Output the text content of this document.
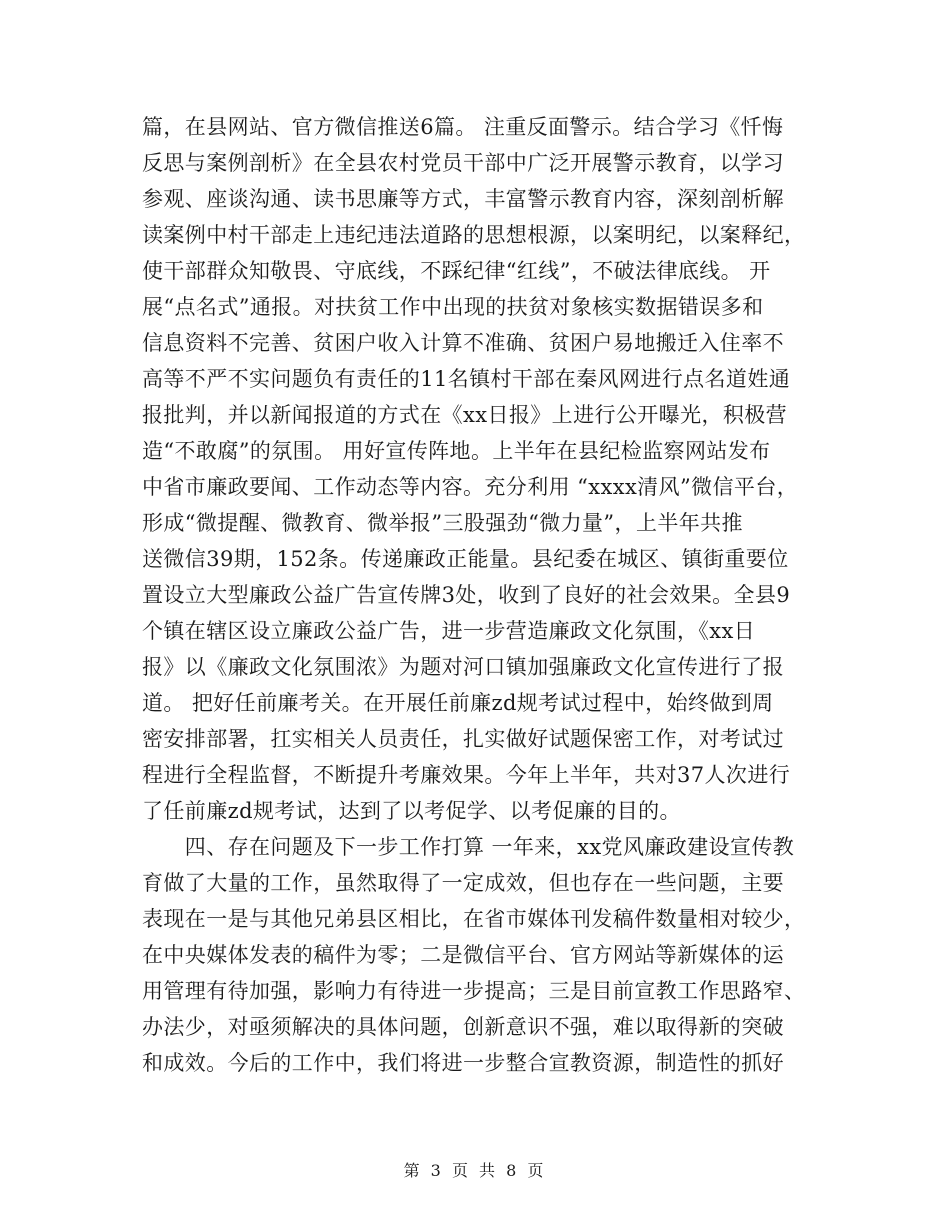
篇，在县网站、官方微信推送6篇。 注重反面警示。结合学习《忏悔
反思与案例剖析》在全县农村党员干部中广泛开展警示教育，以学习
参观、座谈沟通、读书思廉等方式，丰富警示教育内容，深刻剖析解
读案例中村干部走上违纪违法道路的思想根源，以案明纪，以案释纪，
使干部群众知敬畏、守底线，不踩纪律“红线”，不破法律底线。 开
展“点名式”通报。对扶贫工作中出现的扶贫对象核实数据错误多和
信息资料不完善、贫困户收入计算不准确、贫困户易地搬迁入住率不
高等不严不实问题负有责任的11名镇村干部在秦风网进行点名道姓通
报批判，并以新闻报道的方式在《xx日报》上进行公开曝光，积极营
造“不敢腐”的氛围。 用好宣传阵地。上半年在县纪检监察网站发布
中省市廉政要闻、工作动态等内容。充分利用 “xxxx清风”微信平台，
形成“微提醒、微教育、微举报”三股强劲“微力量”，上半年共推
送微信39期，152条。传递廉政正能量。县纪委在城区、镇街重要位
置设立大型廉政公益广告宣传牌3处，收到了良好的社会效果。全县9
个镇在辖区设立廉政公益广告，进一步营造廉政文化氛围，《xx日
报》以《廉政文化氛围浓》为题对河口镇加强廉政文化宣传进行了报
道。 把好任前廉考关。在开展任前廉zd规考试过程中，始终做到周
密安排部署，扛实相关人员责任，扎实做好试题保密工作，对考试过
程进行全程监督，不断提升考廉效果。今年上半年，共对37人次进行
了任前廉zd规考试，达到了以考促学、以考促廉的目的。
　　四、存在问题及下一步工作打算 一年来，xx党风廉政建设宣传教
育做了大量的工作，虽然取得了一定成效，但也存在一些问题，主要
表现在一是与其他兄弟县区相比，在省市媒体刊发稿件数量相对较少，
在中央媒体发表的稿件为零；二是微信平台、官方网站等新媒体的运
用管理有待加强，影响力有待进一步提高；三是目前宣教工作思路窄、
办法少，对亟须解决的具体问题，创新意识不强，难以取得新的突破
和成效。今后的工作中，我们将进一步整合宣教资源，制造性的抓好
第 3 页 共 8 页
